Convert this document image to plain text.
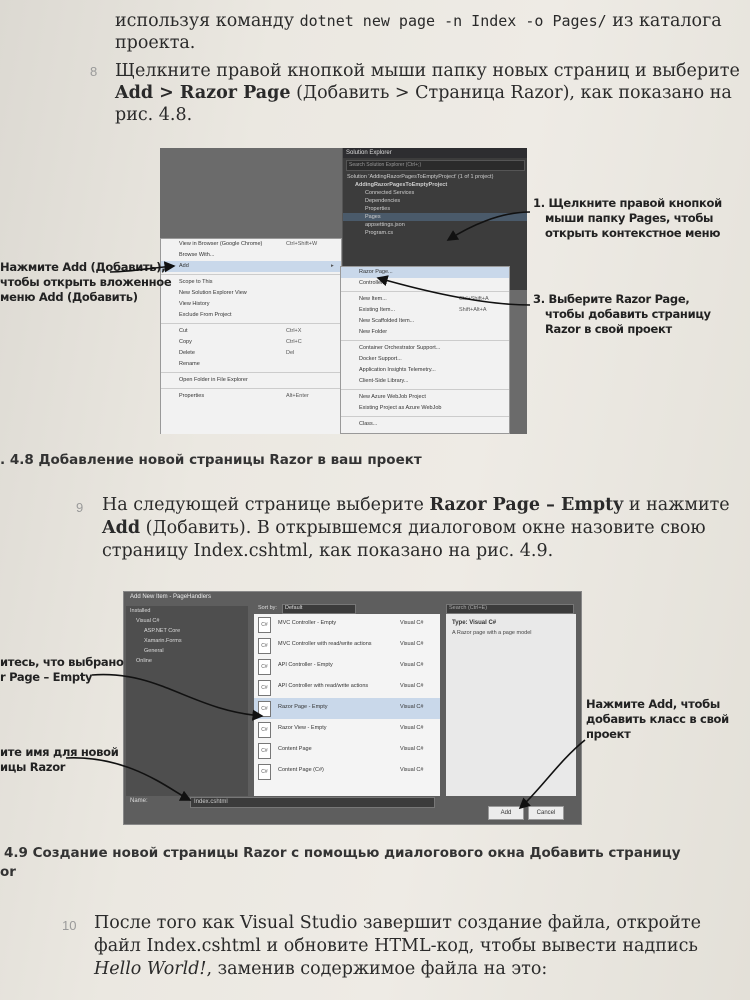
используя команду dotnet new page -n Index -o Pages/ из каталога
проекта.
8 Щелкните правой кнопкой мыши папку новых страниц и выберите
Add > Razor Page (Добавить > Страница Razor), как показано на
рис. 4.8.
Solution Explorer
Search Solution Explorer (Ctrl+;)
Solution 'AddingRazorPagesToEmptyProject' (1 of 1 project)
AddingRazorPagesToEmptyProject
Connected Services
Dependencies
Properties
Pages
appsettings.json
Program.cs
View in Browser (Google Chrome)	Ctrl+Shift+W
Browse With...
Add	▸
Scope to This
New Solution Explorer View
View History
Exclude From Project
Cut	Ctrl+X
Copy	Ctrl+C
Delete	Del
Rename
Open Folder in File Explorer
Properties	Alt+Enter
Razor Page...
Controller...
New Item...	Ctrl+Shift+A
Existing Item...	Shift+Alt+A
New Scaffolded Item...
New Folder
Container Orchestrator Support...
Docker Support...
Application Insights Telemetry...
Client-Side Library...
New Azure WebJob Project
Existing Project as Azure WebJob
Class...
Нажмите Add (Добавить),
чтобы открыть вложенное
меню Add (Добавить)
1. Щелкните правой кнопкой
мыши папку Pages, чтобы
открыть контекстное меню
3. Выберите Razor Page,
чтобы добавить страницу
Razor в свой проект
. 4.8 Добавление новой страницы Razor в ваш проект
9 На следующей странице выберите Razor Page – Empty и нажмите
Add (Добавить). В открывшемся диалоговом окне назовите свою
страницу Index.cshtml, как показано на рис. 4.9.
Add New Item - PageHandlers
Installed
Visual C#
ASP.NET Core
Xamarin.Forms
General
Online
Sort by:	Default	Search (Ctrl+E)
C#	MVC Controller - Empty	Visual C#
C#	MVC Controller with read/write actions	Visual C#
C#	API Controller - Empty	Visual C#
C#	API Controller with read/write actions	Visual C#
C#	Razor Page - Empty	Visual C#
C#	Razor View - Empty	Visual C#
C#	Content Page	Visual C#
C#	Content Page (C#)	Visual C#
Type: Visual C#
A Razor page with a page model
Name:	Index.cshtml
Add	Cancel
итесь, что выбрано
r Page – Empty
ите имя для новой
ицы Razor
Нажмите Add, чтобы
добавить класс в свой
проект
4.9 Создание новой страницы Razor с помощью диалогового окна Добавить страницу
or
10 После того как Visual Studio завершит создание файла, откройте
файл Index.cshtml и обновите HTML-код, чтобы вывести надпись
Hello World!, заменив содержимое файла на это:
